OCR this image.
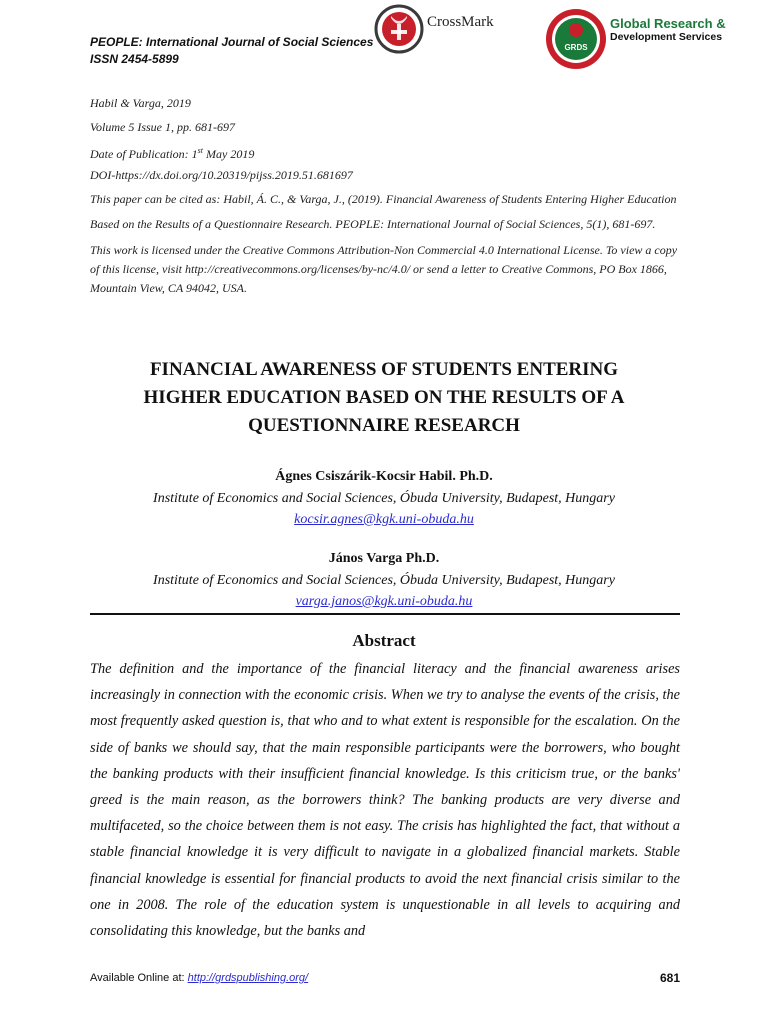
PEOPLE: International Journal of Social Sciences
ISSN 2454-5899
CrossMark
GRDS
Global Research &
Development Services
Habil & Varga, 2019
Volume 5 Issue 1, pp. 681-697
Date of Publication: 1st May 2019
DOI-https://dx.doi.org/10.20319/pijss.2019.51.681697
This paper can be cited as: Habil, Á. C., & Varga, J., (2019). Financial Awareness of Students Entering Higher Education Based on the Results of a Questionnaire Research. PEOPLE: International Journal of Social Sciences, 5(1), 681-697.
This work is licensed under the Creative Commons Attribution-Non Commercial 4.0 International License. To view a copy of this license, visit http://creativecommons.org/licenses/by-nc/4.0/ or send a letter to Creative Commons, PO Box 1866, Mountain View, CA 94042, USA.
FINANCIAL AWARENESS OF STUDENTS ENTERING
HIGHER EDUCATION BASED ON THE RESULTS OF A
QUESTIONNAIRE RESEARCH
Ágnes Csiszárik-Kocsir Habil. Ph.D.
Institute of Economics and Social Sciences, Óbuda University, Budapest, Hungary
kocsir.agnes@kgk.uni-obuda.hu
János Varga Ph.D.
Institute of Economics and Social Sciences, Óbuda University, Budapest, Hungary
varga.janos@kgk.uni-obuda.hu
Abstract
The definition and the importance of the financial literacy and the financial awareness arises increasingly in connection with the economic crisis. When we try to analyse the events of the crisis, the most frequently asked question is, that who and to what extent is responsible for the escalation. On the side of banks we should say, that the main responsible participants were the borrowers, who bought the banking products with their insufficient financial knowledge. Is this criticism true, or the banks' greed is the main reason, as the borrowers think? The banking products are very diverse and multifaceted, so the choice between them is not easy. The crisis has highlighted the fact, that without a stable financial knowledge it is very difficult to navigate in a globalized financial markets. Stable financial knowledge is essential for financial products to avoid the next financial crisis similar to the one in 2008. The role of the education system is unquestionable in all levels to acquiring and consolidating this knowledge, but the banks and
Available Online at: http://grdspublishing.org/	681
